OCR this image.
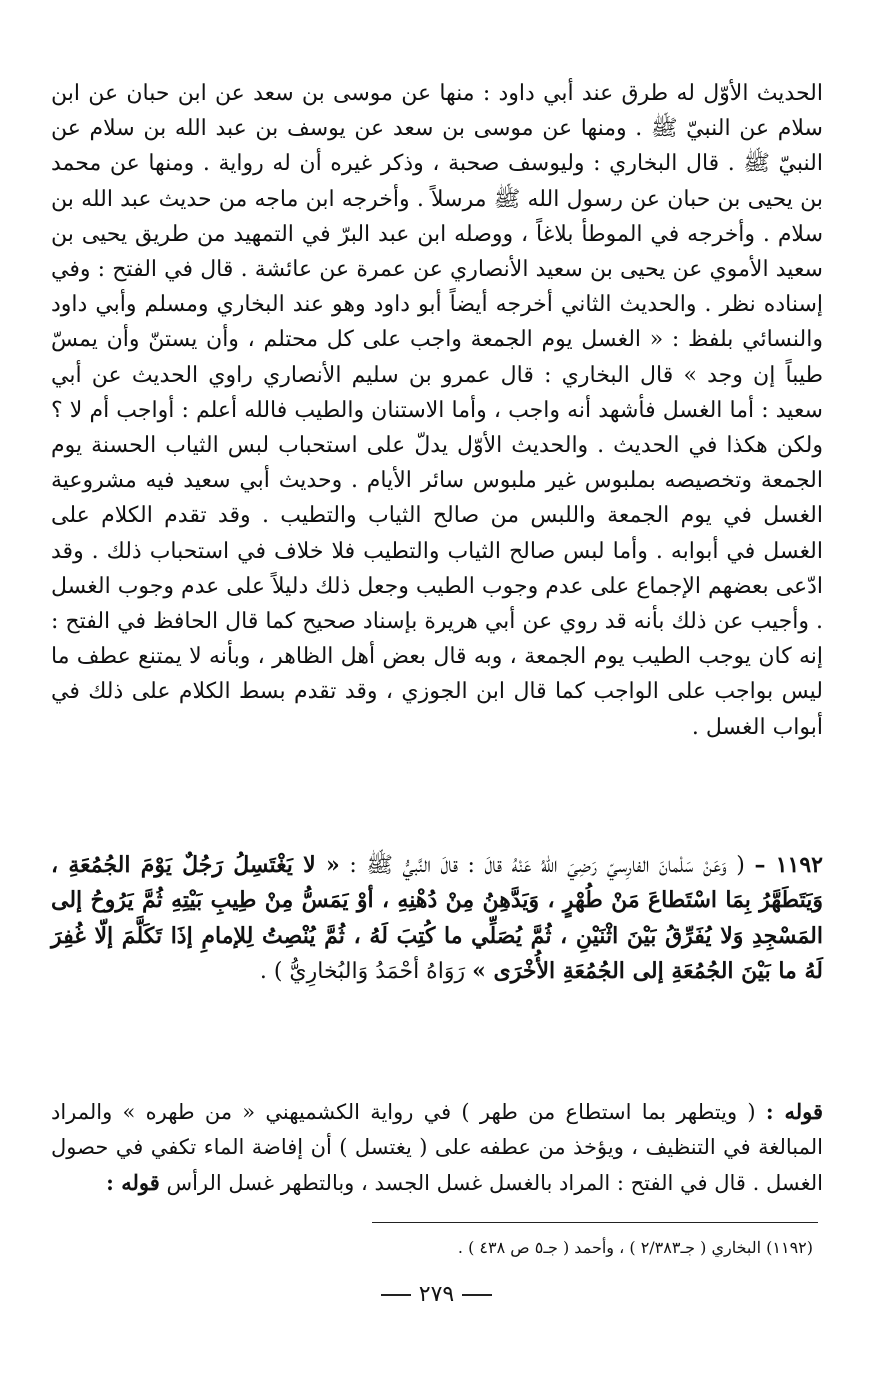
الحديث الأوّل له طرق عند أبي داود : منها عن موسى بن سعد عن ابن حبان عن ابن سلام عن النبيّ ﷺ . ومنها عن موسى بن سعد عن يوسف بن عبد الله بن سلام عن النبيّ ﷺ . قال البخاري : وليوسف صحبة ، وذكر غيره أن له رواية . ومنها عن محمد بن يحيى بن حبان عن رسول الله ﷺ مرسلاً . وأخرجه ابن ماجه من حديث عبد الله بن سلام . وأخرجه في الموطأ بلاغاً ، ووصله ابن عبد البرّ في التمهيد من طريق يحيى بن سعيد الأموي عن يحيى بن سعيد الأنصاري عن عمرة عن عائشة . قال في الفتح : وفي إسناده نظر . والحديث الثاني أخرجه أيضاً أبو داود وهو عند البخاري ومسلم وأبي داود والنسائي بلفظ : « الغسل يوم الجمعة واجب على كل محتلم ، وأن يستنّ وأن يمسّ طيباً إن وجد » قال البخاري : قال عمرو بن سليم الأنصاري راوي الحديث عن أبي سعيد : أما الغسل فأشهد أنه واجب ، وأما الاستنان والطيب فالله أعلم : أواجب أم لا ؟ ولكن هكذا في الحديث . والحديث الأوّل يدلّ على استحباب لبس الثياب الحسنة يوم الجمعة وتخصيصه بملبوس غير ملبوس سائر الأيام . وحديث أبي سعيد فيه مشروعية الغسل في يوم الجمعة واللبس من صالح الثياب والتطيب . وقد تقدم الكلام على الغسل في أبوابه . وأما لبس صالح الثياب والتطيب فلا خلاف في استحباب ذلك . وقد ادّعى بعضهم الإجماع على عدم وجوب الطيب وجعل ذلك دليلاً على عدم وجوب الغسل . وأجيب عن ذلك بأنه قد روي عن أبي هريرة بإسناد صحيح كما قال الحافظ في الفتح : إنه كان يوجب الطيب يوم الجمعة ، وبه قال بعض أهل الظاهر ، وبأنه لا يمتنع عطف ما ليس بواجب على الواجب كما قال ابن الجوزي ، وقد تقدم بسط الكلام على ذلك في أبواب الغسل .
١١٩٢ – ( وَعَنْ سَلْمانَ الفارِسيّ رَضِيَ اللهُ عَنْهُ قالَ : قالَ النَّبيُّ ﷺ : « لا يَغْتَسِلُ رَجُلٌ يَوْمَ الجُمُعَةِ ، وَيَتَطَهَّرُ بِمَا اسْتَطاعَ مَنْ طُهْرٍ ، وَيَدَّهِنُ مِنْ دُهْنِهِ ، أوْ يَمَسُّ مِنْ طِيبِ بَيْتِهِ ثُمَّ يَرُوحُ إلى المَسْجِدِ وَلا يُفَرِّقُ بَيْنَ اثْنَيْنِ ، ثُمَّ يُصَلِّي ما كُتِبَ لَهُ ، ثُمَّ يُنْصِتُ لِلإمامِ إذَا تَكَلَّمَ إلّا غُفِرَ لَهُ ما بَيْنَ الجُمُعَةِ إلى الجُمُعَةِ الأُخْرَى » رَوَاهُ أحْمَدُ وَالبُخارِيُّ ) .
قوله : ( ويتطهر بما استطاع من طهر ) في رواية الكشميهني « من طهره » والمراد المبالغة في التنظيف ، ويؤخذ من عطفه على ( يغتسل ) أن إفاضة الماء تكفي في حصول الغسل . قال في الفتح : المراد بالغسل غسل الجسد ، وبالتطهر غسل الرأس قوله :
(١١٩٢) البخاري ( جـ٢/٣٨٣ ) ، وأحمد ( جـ٥ ص ٤٣٨ ) .
٢٧٩
